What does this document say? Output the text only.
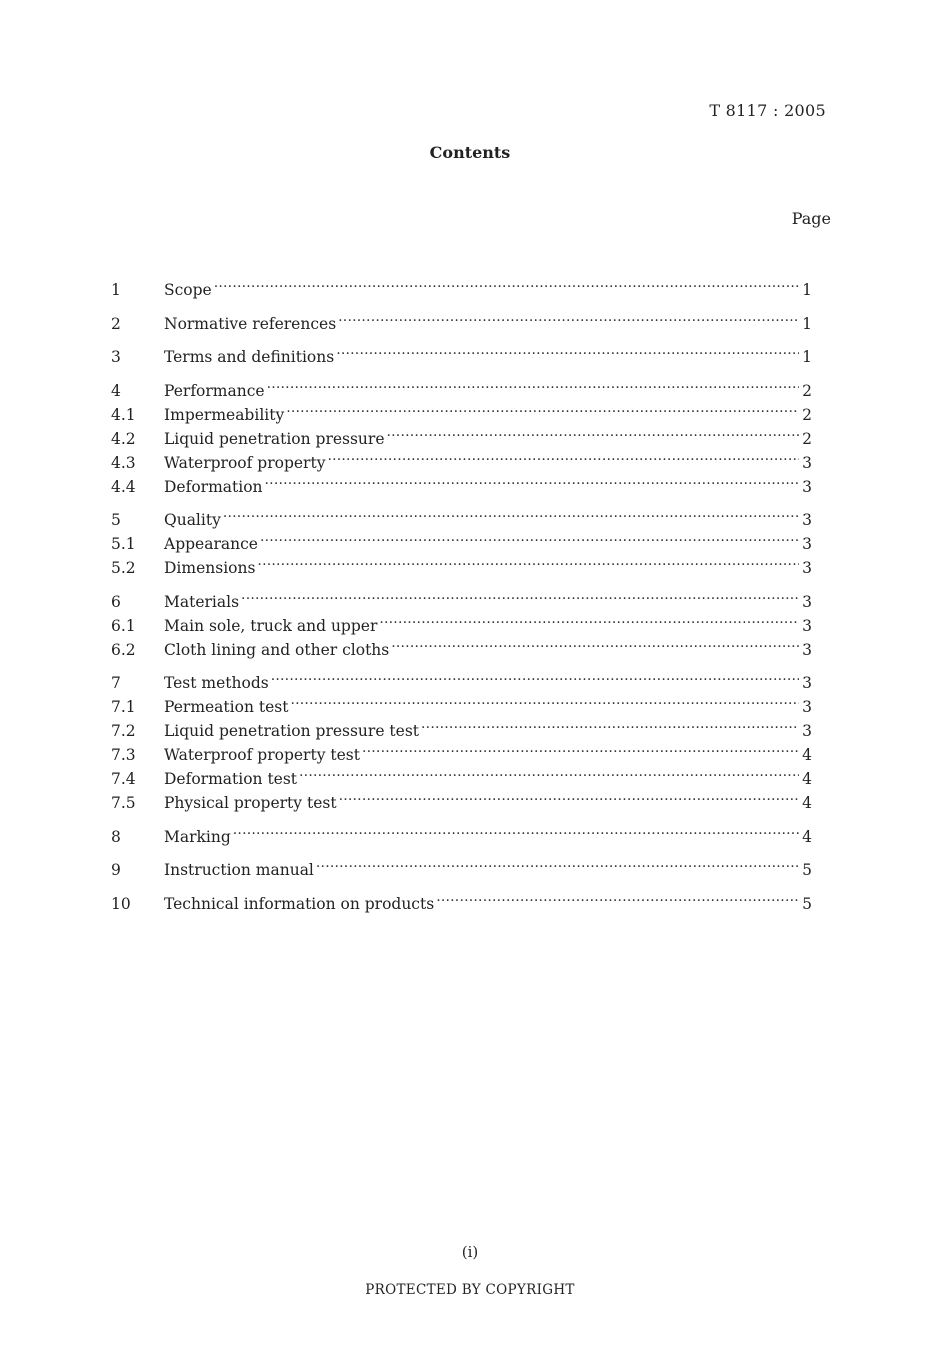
T 8117 : 2005
Contents
Page
1	Scope .....	1
2	Normative references .....	1
3	Terms and definitions .....	1
4	Performance .....	2
4.1	Impermeability .....	2
4.2	Liquid penetration pressure .....	2
4.3	Waterproof property .....	3
4.4	Deformation .....	3
5	Quality .....	3
5.1	Appearance .....	3
5.2	Dimensions .....	3
6	Materials .....	3
6.1	Main sole, truck and upper .....	3
6.2	Cloth lining and other cloths .....	3
7	Test methods .....	3
7.1	Permeation test .....	3
7.2	Liquid penetration pressure test .....	3
7.3	Waterproof property test .....	4
7.4	Deformation test .....	4
7.5	Physical property test .....	4
8	Marking .....	4
9	Instruction manual .....	5
10	Technical information on products .....	5
(i)
PROTECTED BY COPYRIGHT
